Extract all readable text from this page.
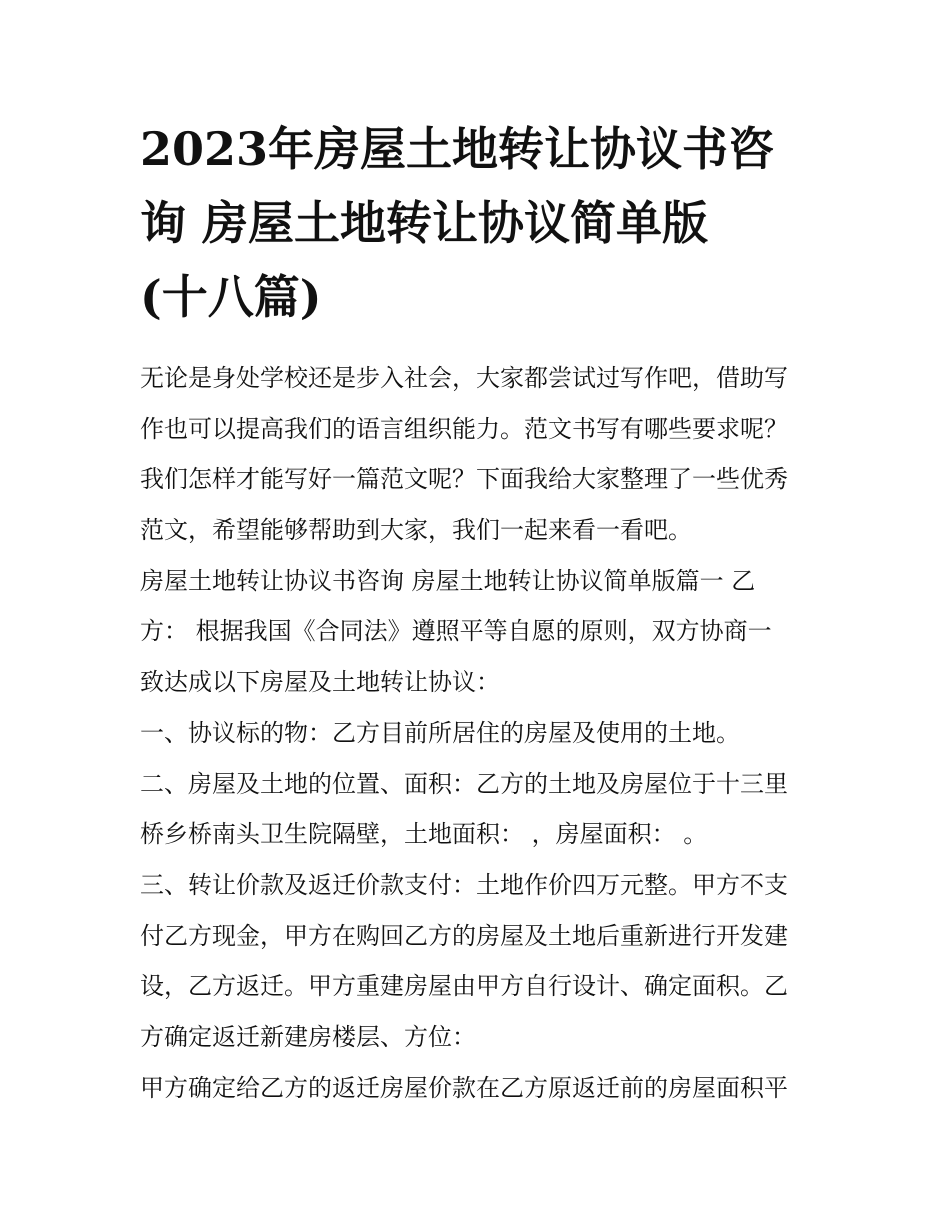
2023年房屋土地转让协议书咨
询 房屋土地转让协议简单版
(十八篇)
无论是身处学校还是步入社会，大家都尝试过写作吧，借助写
作也可以提高我们的语言组织能力。范文书写有哪些要求呢？
我们怎样才能写好一篇范文呢？下面我给大家整理了一些优秀
范文，希望能够帮助到大家，我们一起来看一看吧。
房屋土地转让协议书咨询 房屋土地转让协议简单版篇一 乙
方： 根据我国《合同法》遵照平等自愿的原则，双方协商一
致达成以下房屋及土地转让协议：
一、协议标的物：乙方目前所居住的房屋及使用的土地。
二、房屋及土地的位置、面积：乙方的土地及房屋位于十三里
桥乡桥南头卫生院隔壁，土地面积： ，房屋面积： 。
三、转让价款及返迁价款支付：土地作价四万元整。甲方不支
付乙方现金，甲方在购回乙方的房屋及土地后重新进行开发建
设，乙方返迁。甲方重建房屋由甲方自行设计、确定面积。乙
方确定返迁新建房楼层、方位：
甲方确定给乙方的返迁房屋价款在乙方原返迁前的房屋面积平
